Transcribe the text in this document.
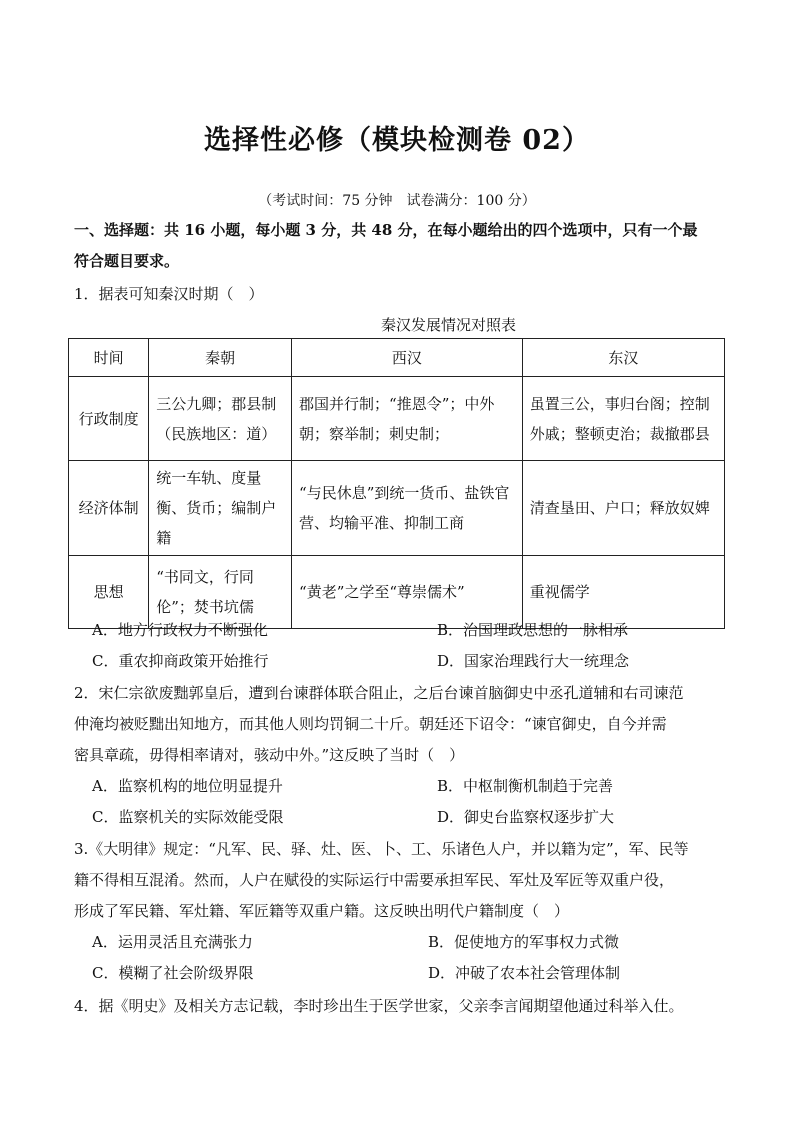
选择性必修（模块检测卷 02）
（考试时间：75 分钟　试卷满分：100 分）
一、选择题：共 16 小题，每小题 3 分，共 48 分，在每小题给出的四个选项中，只有一个最
符合题目要求。
1．据表可知秦汉时期（　）
秦汉发展情况对照表
时间	秦朝	西汉	东汉
行政制度	三公九卿；郡县制（民族地区：道）	郡国并行制；“推恩令”；中外朝；察举制；刺史制；	虽置三公，事归台阁；控制外戚；整顿吏治；裁撤郡县
经济体制	统一车轨、度量衡、货币；编制户籍	“与民休息”到统一货币、盐铁官营、均输平准、抑制工商	清查垦田、户口；释放奴婢
思想	“书同文，行同伦”；焚书坑儒	“黄老”之学至“尊崇儒术”	重视儒学
A．地方行政权力不断强化	B．治国理政思想的一脉相承
C．重农抑商政策开始推行	D．国家治理践行大一统理念
2．宋仁宗欲废黜郭皇后，遭到台谏群体联合阻止，之后台谏首脑御史中丞孔道辅和右司谏范
仲淹均被贬黜出知地方，而其他人则均罚铜二十斤。朝廷还下诏令：“谏官御史，自今并需
密具章疏，毋得相率请对，骇动中外。”这反映了当时（　）
A．监察机构的地位明显提升	B．中枢制衡机制趋于完善
C．监察机关的实际效能受限	D．御史台监察权逐步扩大
3.《大明律》规定：“凡军、民、驿、灶、医、卜、工、乐诸色人户，并以籍为定”，军、民等
籍不得相互混淆。然而，人户在赋役的实际运行中需要承担军民、军灶及军匠等双重户役，
形成了军民籍、军灶籍、军匠籍等双重户籍。这反映出明代户籍制度（　）
A．运用灵活且充满张力	B．促使地方的军事权力式微
C．模糊了社会阶级界限	D．冲破了农本社会管理体制
4．据《明史》及相关方志记载，李时珍出生于医学世家，父亲李言闻期望他通过科举入仕。
